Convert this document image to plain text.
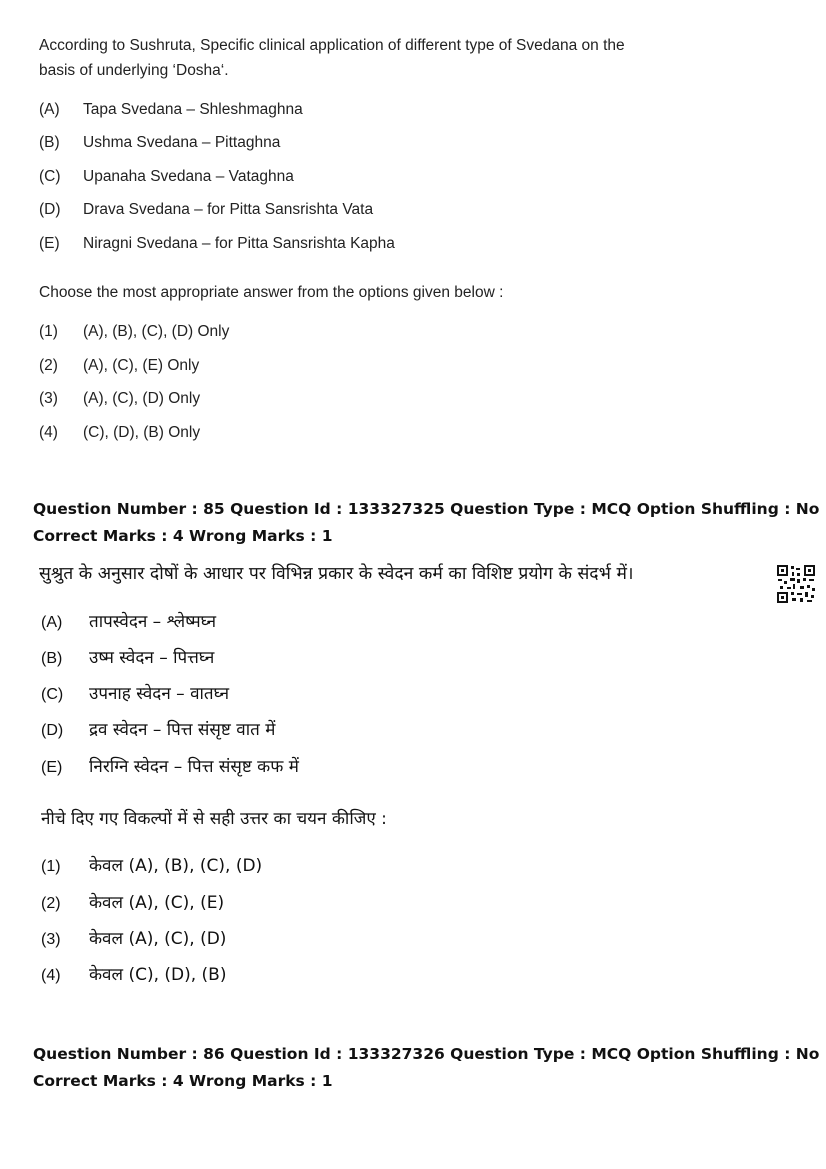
According to Sushruta, Specific clinical application of different type of Svedana on the basis of underlying ‘Dosha‘.
(A) Tapa Svedana – Shleshmaghna
(B) Ushma Svedana – Pittaghna
(C) Upanaha Svedana – Vataghna
(D) Drava Svedana – for Pitta Sansrishta Vata
(E) Niragni Svedana – for Pitta Sansrishta Kapha
Choose the most appropriate answer from the options given below :
(1) (A), (B), (C), (D) Only
(2) (A), (C), (E) Only
(3) (A), (C), (D) Only
(4) (C), (D), (B) Only
Question Number : 85 Question Id : 133327325 Question Type : MCQ Option Shuffling : No
Correct Marks : 4 Wrong Marks : 1
सुश्रुत के अनुसार दोषों के आधार पर विभिन्न प्रकार के स्वेदन कर्म का विशिष्ट प्रयोग के संदर्भ में।
(A) तापस्वेदन – श्लेष्मघ्न
(B) उष्म स्वेदन – पित्तघ्न
(C) उपनाह स्वेदन – वातघ्न
(D) द्रव स्वेदन – पित्त संसृष्ट वात में
(E) निरग्नि स्वेदन – पित्त संसृष्ट कफ में
नीचे दिए गए विकल्पों में से सही उत्तर का चयन कीजिए :
(1) केवल (A), (B), (C), (D)
(2) केवल (A), (C), (E)
(3) केवल (A), (C), (D)
(4) केवल (C), (D), (B)
Question Number : 86 Question Id : 133327326 Question Type : MCQ Option Shuffling : No
Correct Marks : 4 Wrong Marks : 1
